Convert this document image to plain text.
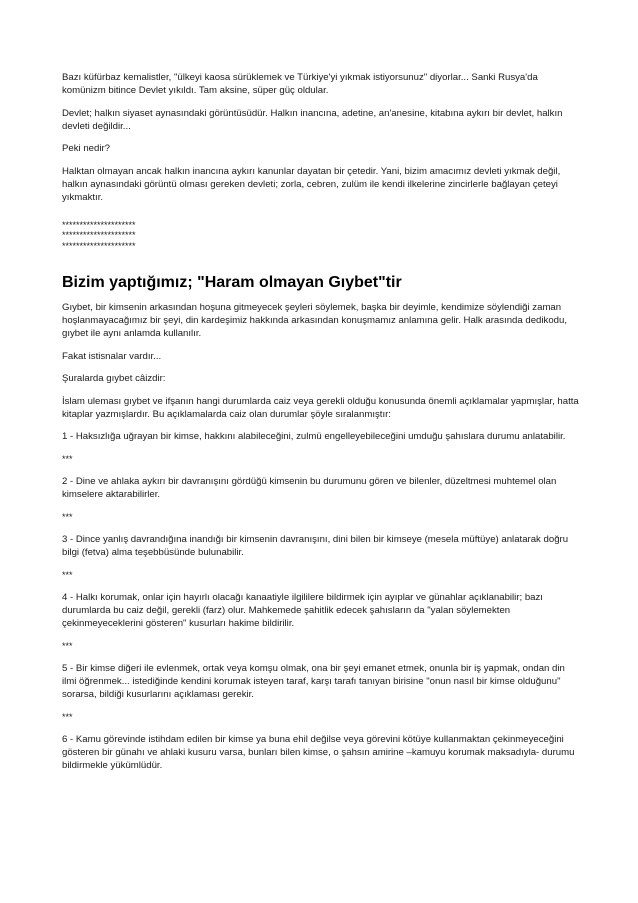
Bazı küfürbaz kemalistler, "ülkeyi kaosa sürüklemek ve Türkiye'yi yıkmak istiyorsunuz" diyorlar... Sanki Rusya'da komünizm bitince Devlet yıkıldı. Tam aksine, süper güç oldular.

Devlet; halkın siyaset aynasındaki görüntüsüdür. Halkın inancına, adetine, an'anesine, kitabına aykırı bir devlet, halkın devleti değildir...

Peki nedir?

Halktan olmayan ancak halkın inancına aykırı kanunlar dayatan bir çetedir. Yani, bizim amacımız devleti yıkmak değil, halkın aynasındaki görüntü olması gereken devleti; zorla, cebren, zulüm ile kendi ilkelerine zincirlerle bağlayan çeteyi yıkmaktır.

*********************
*********************
*********************
Bizim yaptığımız; "Haram olmayan Gıybet"tir

Gıybet, bir kimsenin arkasından hoşuna gitmeyecek şeyleri söylemek, başka bir deyimle, kendimize söylendiği zaman hoşlanmayacağımız bir şeyi, din kardeşimiz hakkında arkasından konuşmamız anlamına gelir. Halk arasında dedikodu, gıybet ile aynı anlamda kullanılır.

Fakat istisnalar vardır...

Şuralarda gıybet câizdir:

İslam uleması gıybet ve ifşanın hangi durumlarda caiz veya gerekli olduğu konusunda önemli açıklamalar yapmışlar, hatta kitaplar yazmışlardır. Bu açıklamalarda caiz olan durumlar şöyle sıralanmıştır:

1 - Haksızlığa uğrayan bir kimse, hakkını alabileceğini, zulmü engelleyebileceğini umduğu şahıslara durumu anlatabilir.

***

2 - Dine ve ahlaka aykırı bir davranışını gördüğü kimsenin bu durumunu gören ve bilenler, düzeltmesi muhtemel olan kimselere aktarabilirler.

***

3 - Dince yanlış davrandığına inandığı bir kimsenin davranışını, dini bilen bir kimseye (mesela müftüye) anlatarak doğru bilgi (fetva) alma teşebbüsünde bulunabilir.

***

4 - Halkı korumak, onlar için hayırlı olacağı kanaatiyle ilgililere bildirmek için ayıplar ve günahlar açıklanabilir; bazı durumlarda bu caiz değil, gerekli (farz) olur. Mahkemede şahitlik edecek şahısların da "yalan söylemekten çekinmeyeceklerini gösteren" kusurları hakime bildirilir.

***

5 - Bir kimse diğeri ile evlenmek, ortak veya komşu olmak, ona bir şeyi emanet etmek, onunla bir iş yapmak, ondan din ilmi öğrenmek... istediğinde kendini korumak isteyen taraf, karşı tarafı tanıyan birisine "onun nasıl bir kimse olduğunu" sorarsa, bildiği kusurlarını açıklaması gerekir.

***

6 - Kamu görevinde istihdam edilen bir kimse ya buna ehil değilse veya görevini kötüye kullanmaktan çekinmeyeceğini gösteren bir günahı ve ahlaki kusuru varsa, bunları bilen kimse, o şahsın amirine –kamuyu korumak maksadıyla- durumu bildirmekle yükümlüdür.
